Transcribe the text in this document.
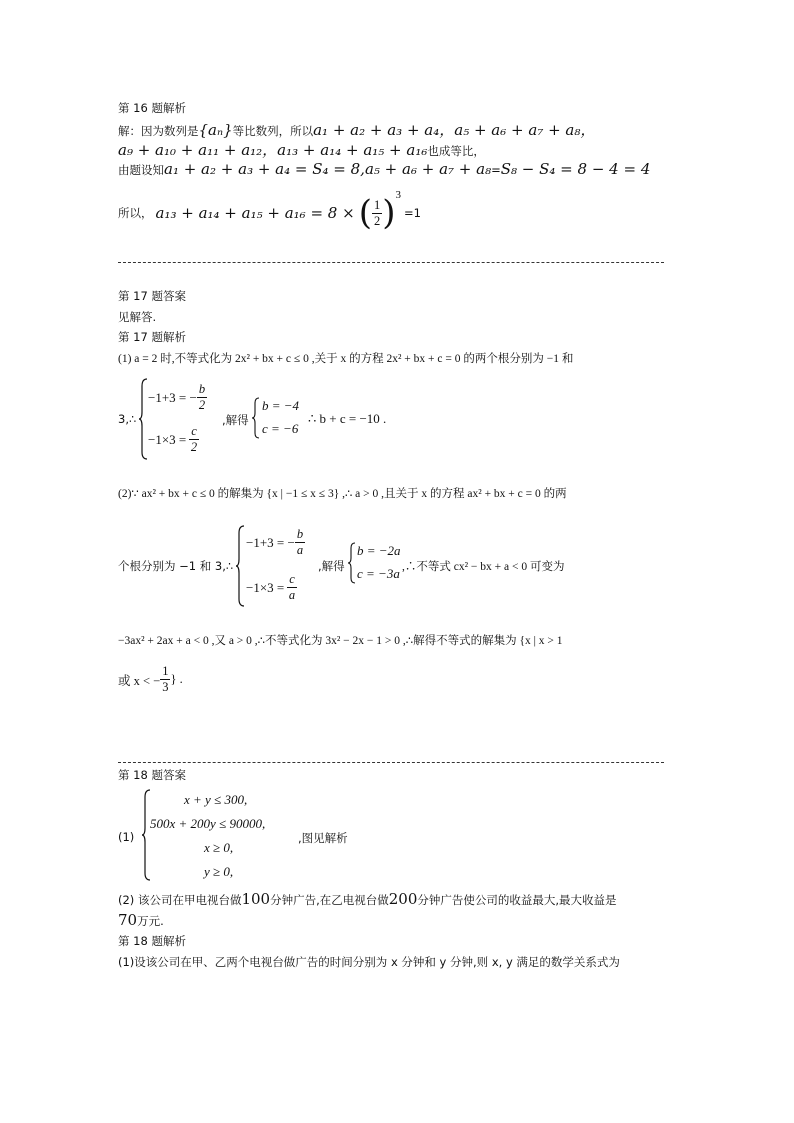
第 16 题解析
解：因为数列是{aₙ}等比数列，所以a₁ + a₂ + a₃ + a₄，a₅ + a₆ + a₇ + a₈，
a₉ + a₁₀ + a₁₁ + a₁₂，a₁₃ + a₁₄ + a₁₅ + a₁₆也成等比，
由题设知a₁ + a₂ + a₃ + a₄ = S₄ = 8,a₅ + a₆ + a₇ + a₈=S₈ − S₄ = 8 − 4 = 4
所以， a₁₃ + a₁₄ + a₁₅ + a₁₆ = 8 × ( $\frac{1}{2}$ ) 3
=1
第 17 题答案
见解答.
第 17 题解析
(1) a = 2 时,不等式化为 2x² + bx + c ≤ 0 ,关于 x 的方程 2x² + bx + c = 0 的两个根分别为 −1 和
3,∴
−1+3 = − $\frac{b}{2}$
$-1\times 3 = \frac{c}{2}$
,解得
b = −4
c = −6
∴ b + c = −10 .
(2)∵ ax² + bx + c ≤ 0 的解集为 {x | −1 ≤ x ≤ 3} ,∴ a > 0 ,且关于 x 的方程 ax² + bx + c = 0 的两
个根分别为 −1 和 3,∴
−1+3 = − $\frac{b}{a}$
$-1\times 3 = \frac{c}{a}$
,解得
b = −2a
c = −3a ,∴不等式 cx² − bx + a < 0 可变为
−3ax² + 2ax + a < 0 ,又 a > 0 ,∴不等式化为 3x² − 2x − 1 > 0 ,∴解得不等式的解集为 {x | x > 1
或 x < − $\frac{1}{3}$ } .
第 18 题答案
(1)
x + y ≤ 300,
500x + 200y ≤ 90000,
x ≥ 0,
y ≥ 0,
,图见解析
(2) 该公司在甲电视台做100分钟广告,在乙电视台做200分钟广告使公司的收益最大,最大收益是
70万元.
第 18 题解析
(1)设该公司在甲、乙两个电视台做广告的时间分别为 x 分钟和 y 分钟,则 x, y 满足的数学关系式为
